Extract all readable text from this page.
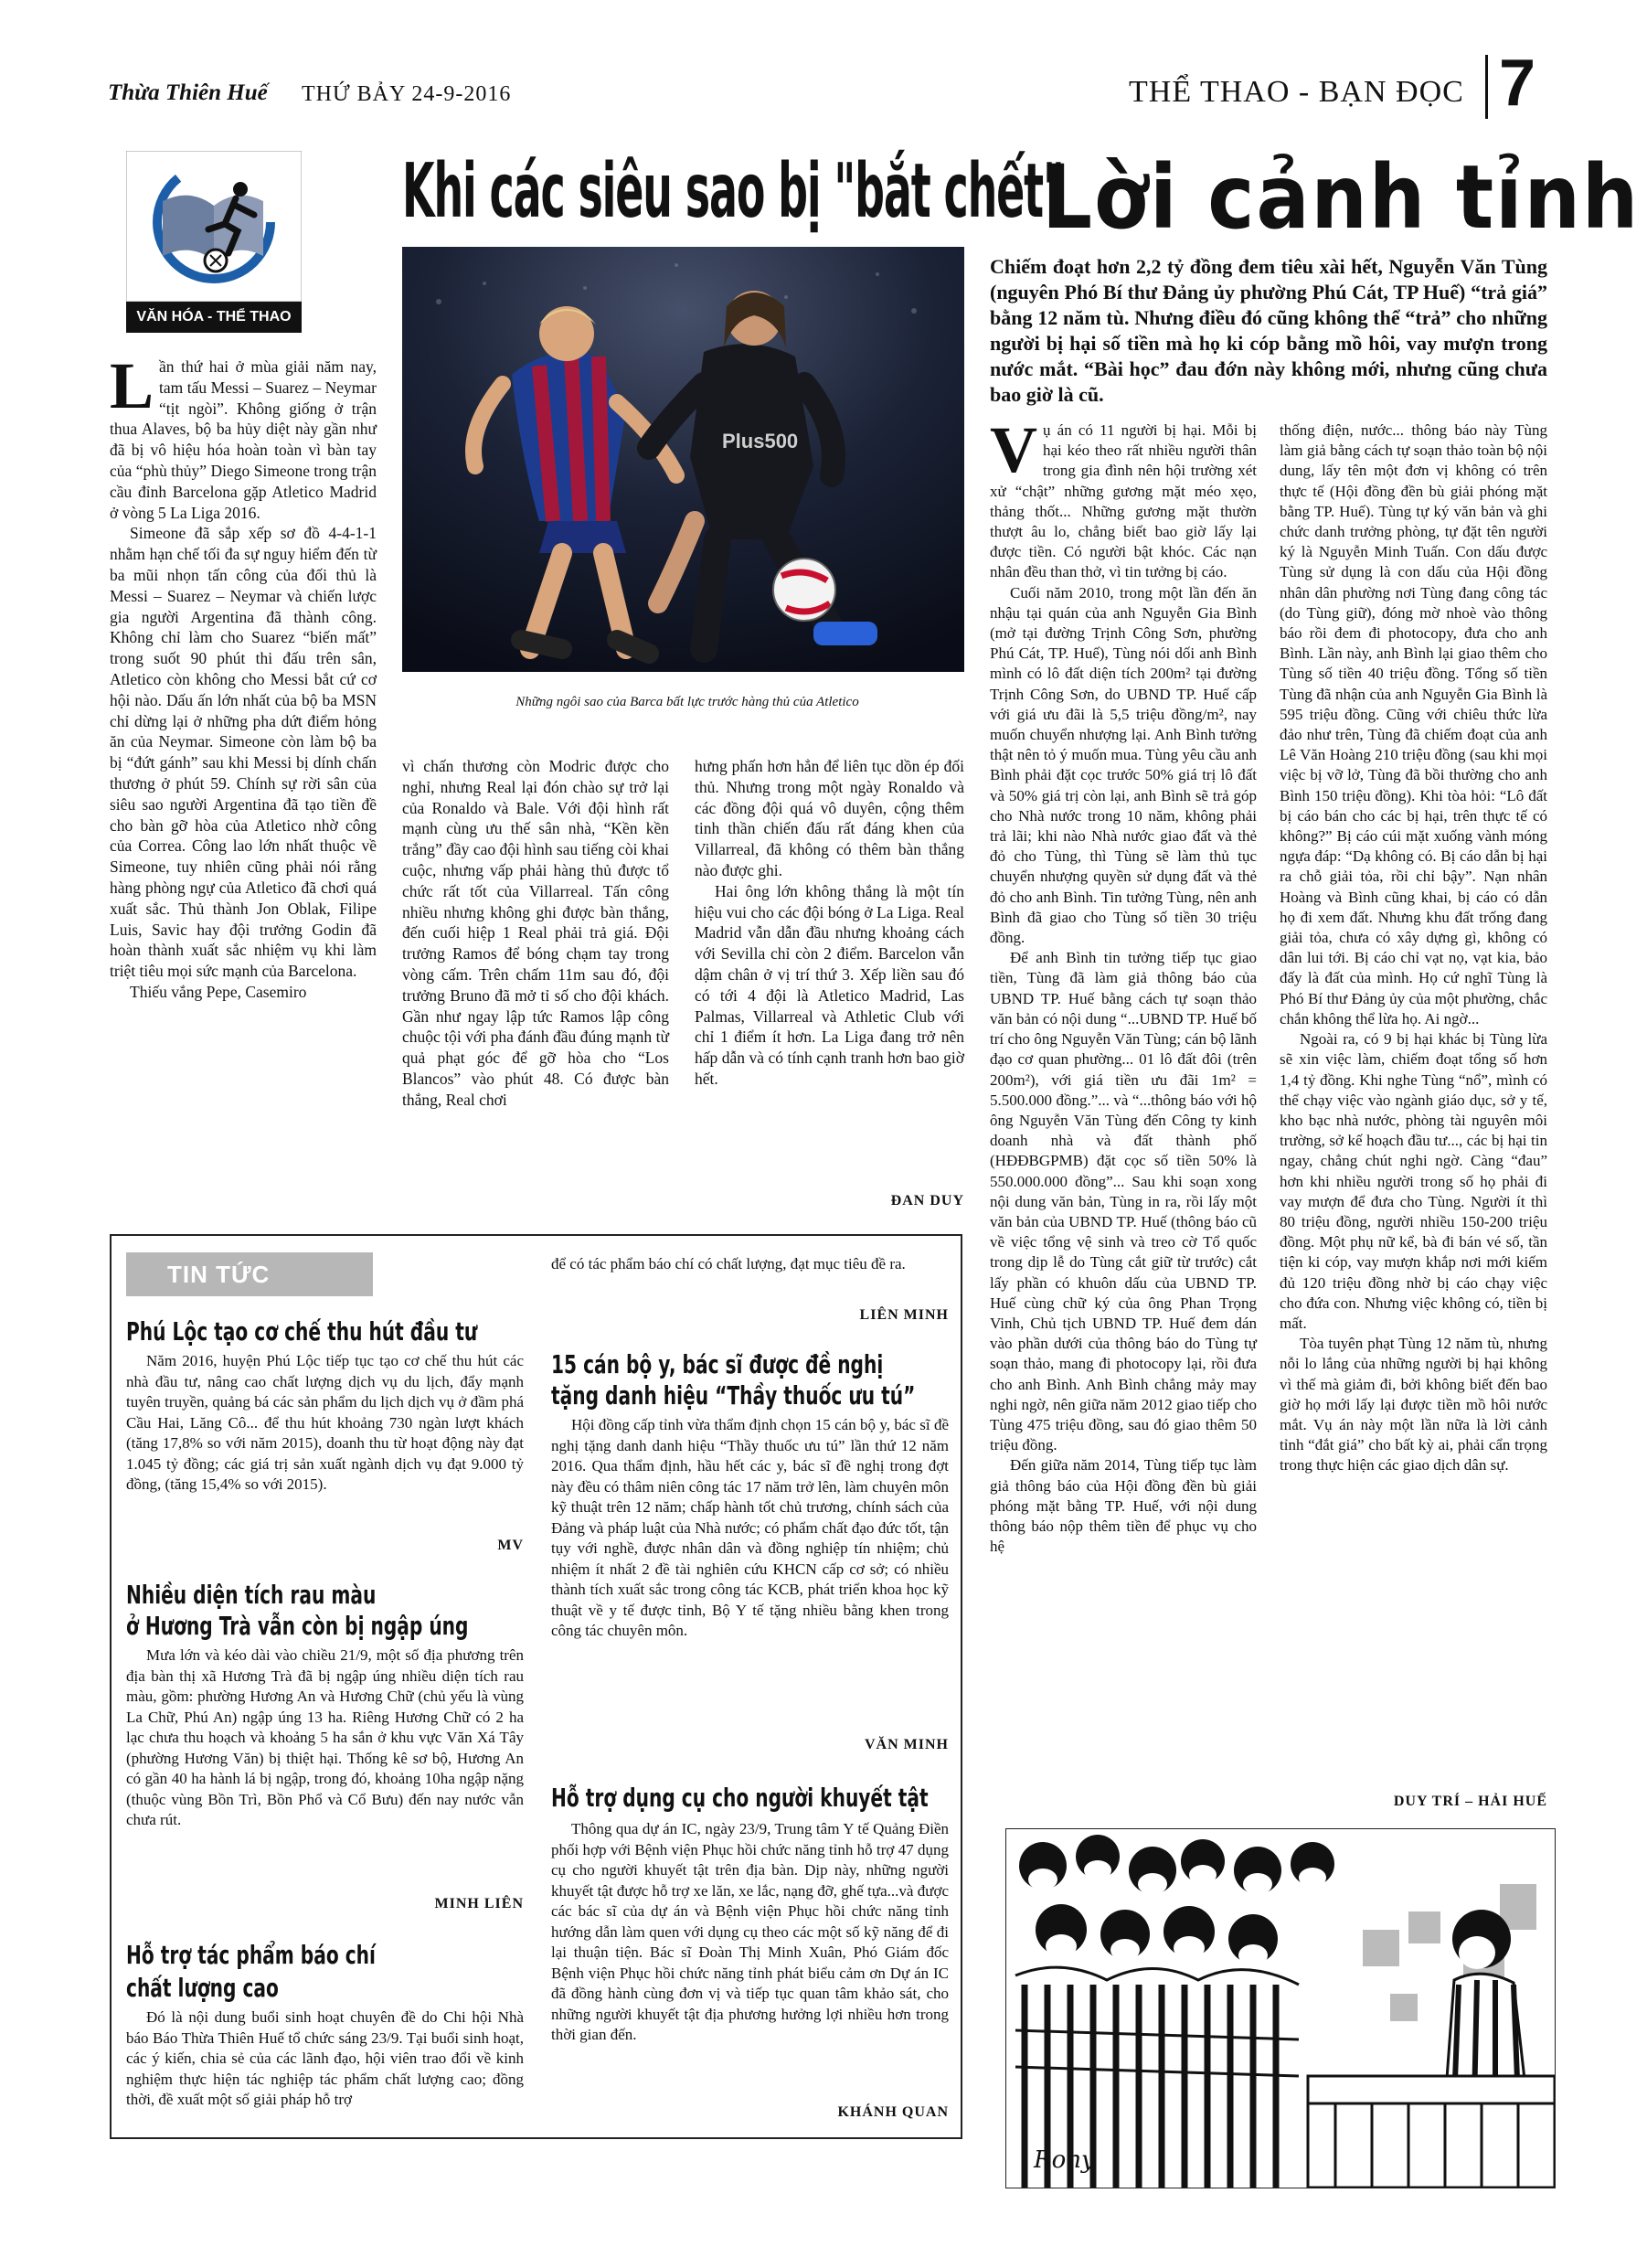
Thừa Thiên Huế THỨ BẢY 24-9-2016	THỂ THAO - BẠN ĐỌC 7
VĂN HÓA - THỂ THAO
Khi các siêu sao bị "bắt chết"
Lời cảnh tỉnh
Plus500
Những ngôi sao của Barca bất lực trước hàng thủ của Atletico
L ần thứ hai ở mùa giải năm nay, tam tấu Messi – Suarez – Neymar “tịt ngòi”. Không giống ở trận thua Alaves, bộ ba hủy diệt này gần như đã bị vô hiệu hóa hoàn toàn vì bàn tay của “phù thủy” Diego Simeone trong trận cầu đỉnh Barcelona gặp Atletico Madrid ở vòng 5 La Liga 2016.

Simeone đã sắp xếp sơ đồ 4-4-1-1 nhằm hạn chế tối đa sự nguy hiểm đến từ ba mũi nhọn tấn công của đối thủ là Messi – Suarez – Neymar và chiến lược gia người Argentina đã thành công. Không chỉ làm cho Suarez “biến mất” trong suốt 90 phút thi đấu trên sân, Atletico còn không cho Messi bắt cứ cơ hội nào. Dấu ấn lớn nhất của bộ ba MSN chỉ dừng lại ở những pha dứt điểm hỏng ăn của Neymar. Simeone còn làm bộ ba bị “đứt gánh” sau khi Messi bị dính chấn thương ở phút 59. Chính sự rời sân của siêu sao người Argentina đã tạo tiền đề cho bàn gỡ hòa của Atletico nhờ công của Correa. Công lao lớn nhất thuộc về Simeone, tuy nhiên cũng phải nói rằng hàng phòng ngự của Atletico đã chơi quá xuất sắc. Thủ thành Jon Oblak, Filipe Luis, Savic hay đội trưởng Godin đã hoàn thành xuất sắc nhiệm vụ khi làm triệt tiêu mọi sức mạnh của Barcelona.

Thiếu vắng Pepe, Casemiro

vì chấn thương còn Modric được cho nghỉ, nhưng Real lại đón chào sự trở lại của Ronaldo và Bale. Với đội hình rất mạnh cùng ưu thế sân nhà, “Kền kền trắng” đầy cao đội hình sau tiếng còi khai cuộc, nhưng vấp phải hàng thủ được tổ chức rất tốt của Villarreal. Tấn công nhiều nhưng không ghi được bàn thắng, đến cuối hiệp 1 Real phải trả giá. Đội trưởng Ramos để bóng chạm tay trong vòng cấm. Trên chấm 11m sau đó, đội trưởng Bruno đã mở tỉ số cho đội khách. Gần như ngay lập tức Ramos lập công chuộc tội với pha đánh đầu đúng mạnh từ quả phạt góc để gỡ hòa cho “Los Blancos” vào phút 48. Có được bàn thắng, Real chơi

hưng phấn hơn hẳn để liên tục dồn ép đối thủ. Nhưng trong một ngày Ronaldo và các đồng đội quá vô duyên, cộng thêm tinh thần chiến đấu rất đáng khen của Villarreal, đã không có thêm bàn thắng nào được ghi.

Hai ông lớn không thắng là một tín hiệu vui cho các đội bóng ở La Liga. Real Madrid vẫn dẫn đầu nhưng khoảng cách với Sevilla chỉ còn 2 điểm. Barcelon vẫn dậm chân ở vị trí thứ 3. Xếp liền sau đó có tới 4 đội là Atletico Madrid, Las Palmas, Villarreal và Athletic Club với chỉ 1 điểm ít hơn. La Liga đang trở nên hấp dẫn và có tính cạnh tranh hơn bao giờ hết.

ĐAN DUY
Chiếm đoạt hơn 2,2 tỷ đồng đem tiêu xài hết, Nguyễn Văn Tùng (nguyên Phó Bí thư Đảng ủy phường Phú Cát, TP Huế) “trả giá” bằng 12 năm tù. Nhưng điều đó cũng không thể “trả” cho những người bị hại số tiền mà họ ki cóp bằng mồ hôi, vay mượn trong nước mắt. “Bài học” đau đớn này không mới, nhưng cũng chưa bao giờ là cũ.
V ụ án có 11 người bị hại. Mỗi bị hại kéo theo rất nhiều người thân trong gia đình nên hội trường xét xử “chật” những gương mặt méo xẹo, thảng thốt... Những gương mặt thườn thượt âu lo, chẳng biết bao giờ lấy lại được tiền. Có người bật khóc. Các nạn nhân đều than thở, vì tin tưởng bị cáo.

Cuối năm 2010, trong một lần đến ăn nhậu tại quán của anh Nguyễn Gia Bình (mở tại đường Trịnh Công Sơn, phường Phú Cát, TP. Huế), Tùng nói dối anh Bình mình có lô đất diện tích 200m² tại đường Trịnh Công Sơn, do UBND TP. Huế cấp với giá ưu đãi là 5,5 triệu đồng/m², nay muốn chuyển nhượng lại. Anh Bình tưởng thật nên tỏ ý muốn mua. Tùng yêu cầu anh Bình phải đặt cọc trước 50% giá trị lô đất và 50% giá trị còn lại, anh Bình sẽ trả góp cho Nhà nước trong 10 năm, không phải trả lãi; khi nào Nhà nước giao đất và thẻ đỏ cho Tùng, thì Tùng sẽ làm thủ tục chuyển nhượng quyền sử dụng đất và thẻ đỏ cho anh Bình. Tin tưởng Tùng, nên anh Bình đã giao cho Tùng số tiền 30 triệu đồng.

Để anh Bình tin tưởng tiếp tục giao tiền, Tùng đã làm giả thông báo của UBND TP. Huế bằng cách tự soạn thảo văn bản có nội dung “...UBND TP. Huế bố trí cho ông Nguyễn Văn Tùng; cán bộ lãnh đạo cơ quan phường... 01 lô đất đôi (trên 200m²), với giá tiền ưu đãi 1m² = 5.500.000 đồng.”... và “...thông báo với hộ ông Nguyễn Văn Tùng đến Công ty kinh doanh nhà và đất thành phố (HĐĐBGPMB) đặt cọc số tiền 50% là 550.000.000 đồng”... Sau khi soạn xong nội dung văn bản, Tùng in ra, rồi lấy một văn bản của UBND TP. Huế (thông báo cũ về việc tổng vệ sinh và treo cờ Tổ quốc trong dịp lễ do Tùng cắt giữ từ trước) cắt lấy phần có khuôn dấu của UBND TP. Huế cùng chữ ký của ông Phan Trọng Vinh, Chủ tịch UBND TP. Huế đem dán vào phần dưới của thông báo do Tùng tự soạn thảo, mang đi photocopy lại, rồi đưa cho anh Bình. Anh Bình chẳng mảy may nghi ngờ, nên giữa năm 2012 giao tiếp cho Tùng 475 triệu đồng, sau đó giao thêm 50 triệu đồng.

Đến giữa năm 2014, Tùng tiếp tục làm giả thông báo của Hội đồng đền bù giải phóng mặt bằng TP. Huế, với nội dung thông báo nộp thêm tiền để phục vụ cho hệ

thống điện, nước... thông báo này Tùng làm giả bằng cách tự soạn thảo toàn bộ nội dung, lấy tên một đơn vị không có trên thực tế (Hội đồng đền bù giải phóng mặt bằng TP. Huế). Tùng tự ký văn bản và ghi chức danh trưởng phòng, tự đặt tên người ký là Nguyễn Minh Tuấn. Con dấu được Tùng sử dụng là con dấu của Hội đồng nhân dân phường nơi Tùng đang công tác (do Tùng giữ), đóng mờ nhoè vào thông báo rồi đem đi photocopy, đưa cho anh Bình. Lần này, anh Bình lại giao thêm cho Tùng số tiền 40 triệu đồng. Tổng số tiền Tùng đã nhận của anh Nguyễn Gia Bình là 595 triệu đồng. Cũng với chiêu thức lừa đảo như trên, Tùng đã chiếm đoạt của anh Lê Văn Hoàng 210 triệu đồng (sau khi mọi việc bị vỡ lở, Tùng đã bồi thường cho anh Bình 150 triệu đồng). Khi tòa hỏi: “Lô đất bị cáo bán cho các bị hại, trên thực tế có không?” Bị cáo cúi mặt xuống vành móng ngựa đáp: “Dạ không có. Bị cáo dẫn bị hại ra chỗ giải tỏa, rồi chỉ bậy”. Nạn nhân Hoàng và Bình cũng khai, bị cáo có dẫn họ đi xem đất. Nhưng khu đất trống đang giải tỏa, chưa có xây dựng gì, không có dân lui tới. Bị cáo chỉ vạt nọ, vạt kia, bảo đấy là đất của mình. Họ cứ nghĩ Tùng là Phó Bí thư Đảng ủy của một phường, chắc chắn không thể lừa họ. Ai ngờ...

Ngoài ra, có 9 bị hại khác bị Tùng lừa sẽ xin việc làm, chiếm đoạt tổng số hơn 1,4 tỷ đồng. Khi nghe Tùng “nổ”, mình có thể chạy việc vào ngành giáo dục, sở y tế, kho bạc nhà nước, phòng tài nguyên môi trường, sở kế hoạch đầu tư..., các bị hại tin ngay, chẳng chút nghi ngờ. Càng “đau” hơn khi nhiều người trong số họ phải đi vay mượn để đưa cho Tùng. Người ít thì 80 triệu đồng, người nhiều 150-200 triệu đồng. Một phụ nữ kể, bà đi bán vé số, tần tiện ki cóp, vay mượn khắp nơi mới kiếm đủ 120 triệu đồng nhờ bị cáo chạy việc cho đứa con. Nhưng việc không có, tiền bị mất.

Tòa tuyên phạt Tùng 12 năm tù, nhưng nỗi lo lắng của những người bị hại không vì thế mà giảm đi, bởi không biết đến bao giờ họ mới lấy lại được tiền mồ hôi nước mắt. Vụ án này một lần nữa là lời cảnh tỉnh “đắt giá” cho bất kỳ ai, phải cẩn trọng trong thực hiện các giao dịch dân sự.

DUY TRÍ – HẢI HUẾ
Rony
TIN TỨC
Phú Lộc tạo cơ chế thu hút đầu tư

Năm 2016, huyện Phú Lộc tiếp tục tạo cơ chế thu hút các nhà đầu tư, nâng cao chất lượng dịch vụ du lịch, đẩy mạnh tuyên truyền, quảng bá các sản phẩm du lịch dịch vụ ở đầm phá Cầu Hai, Lăng Cô... để thu hút khoảng 730 ngàn lượt khách (tăng 17,8% so với năm 2015), doanh thu từ hoạt động này đạt 1.045 tỷ đồng; các giá trị sản xuất ngành dịch vụ đạt 9.000 tỷ đồng, (tăng 15,4% so với 2015).

MV
Nhiều diện tích rau màu
ở Hương Trà vẫn còn bị ngập úng

Mưa lớn và kéo dài vào chiều 21/9, một số địa phương trên địa bàn thị xã Hương Trà đã bị ngập úng nhiều diện tích rau màu, gồm: phường Hương An và Hương Chữ (chủ yếu là vùng La Chữ, Phú An) ngập úng 13 ha. Riêng Hương Chữ có 2 ha lạc chưa thu hoạch và khoảng 5 ha sắn ở khu vực Văn Xá Tây (phường Hương Văn) bị thiệt hại. Thống kê sơ bộ, Hương An có gần 40 ha hành lá bị ngập, trong đó, khoảng 10ha ngập nặng (thuộc vùng Bồn Trì, Bồn Phổ và Cổ Bưu) đến nay nước vẫn chưa rút.

MINH LIÊN
Hỗ trợ tác phẩm báo chí
chất lượng cao

Đó là nội dung buổi sinh hoạt chuyên đề do Chi hội Nhà báo Báo Thừa Thiên Huế tổ chức sáng 23/9. Tại buổi sinh hoạt, các ý kiến, chia sẻ của các lãnh đạo, hội viên trao đổi về kinh nghiệm thực hiện tác nghiệp tác phẩm chất lượng cao; đồng thời, đề xuất một số giải pháp hỗ trợ

để có tác phẩm báo chí có chất lượng, đạt mục tiêu đề ra.

LIÊN MINH
15 cán bộ y, bác sĩ được đề nghị
tặng danh hiệu “Thầy thuốc ưu tú”

Hội đồng cấp tỉnh vừa thẩm định chọn 15 cán bộ y, bác sĩ đề nghị tặng danh danh hiệu “Thầy thuốc ưu tú” lần thứ 12 năm 2016. Qua thẩm định, hầu hết các y, bác sĩ đề nghị trong đợt này đều có thâm niên công tác 17 năm trở lên, làm chuyên môn kỹ thuật trên 12 năm; chấp hành tốt chủ trương, chính sách của Đảng và pháp luật của Nhà nước; có phẩm chất đạo đức tốt, tận tụy với nghề, được nhân dân và đồng nghiệp tín nhiệm; chủ nhiệm ít nhất 2 đề tài nghiên cứu KHCN cấp cơ sở; có nhiều thành tích xuất sắc trong công tác KCB, phát triển khoa học kỹ thuật về y tế được tỉnh, Bộ Y tế tặng nhiều bằng khen trong công tác chuyên môn.

VĂN MINH
Hỗ trợ dụng cụ cho người khuyết tật

Thông qua dự án IC, ngày 23/9, Trung tâm Y tế Quảng Điền phối hợp với Bệnh viện Phục hồi chức năng tỉnh hỗ trợ 47 dụng cụ cho người khuyết tật trên địa bàn. Dịp này, những người khuyết tật được hỗ trợ xe lăn, xe lắc, nạng đỡ, ghế tựa...và được các bác sĩ của dự án và Bệnh viện Phục hồi chức năng tỉnh hướng dẫn làm quen với dụng cụ theo các một số kỹ năng để đi lại thuận tiện. Bác sĩ Đoàn Thị Minh Xuân, Phó Giám đốc Bệnh viện Phục hồi chức năng tỉnh phát biểu cảm ơn Dự án IC đã đồng hành cùng đơn vị và tiếp tục quan tâm khảo sát, cho những người khuyết tật địa phương hưởng lợi nhiều hơn trong thời gian đến.

KHÁNH QUAN
